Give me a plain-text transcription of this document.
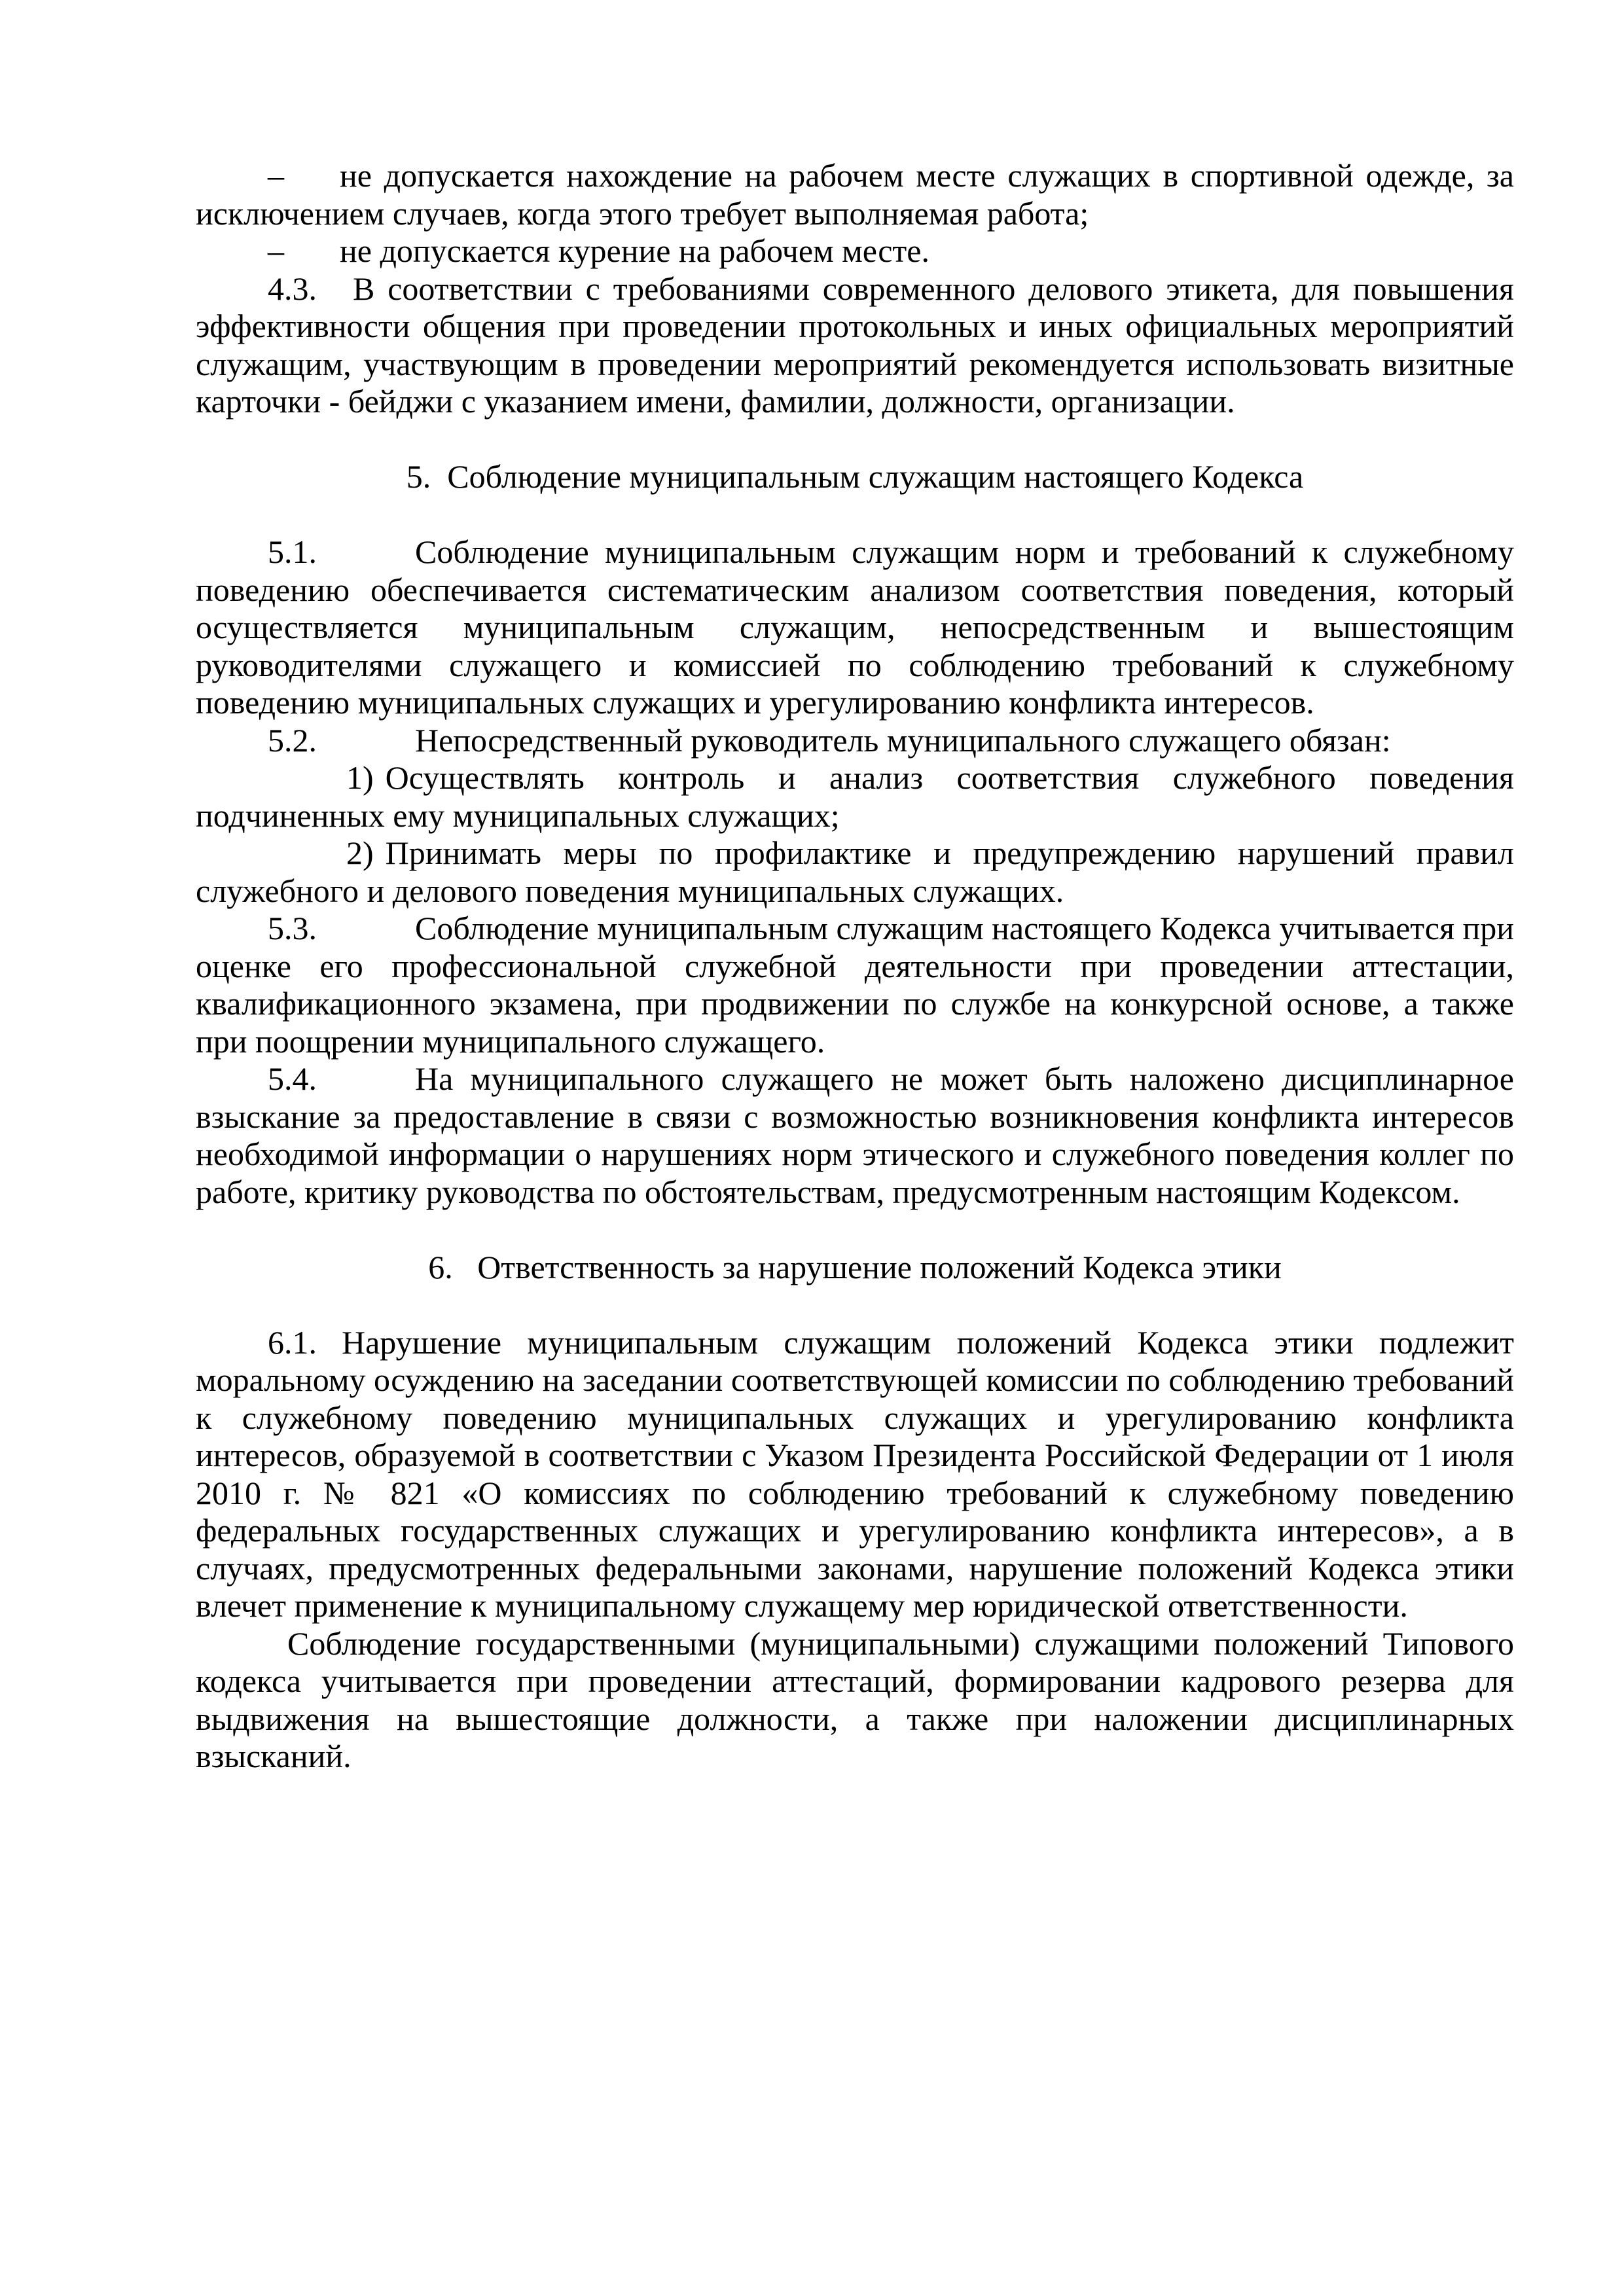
– не допускается нахождение на рабочем месте служащих в спортивной одежде, за исключением случаев, когда этого требует выполняемая работа;

– не допускается курение на рабочем месте.

4.3. В соответствии с требованиями современного делового этикета, для повышения эффективности общения при проведении протокольных и иных официальных мероприятий служащим, участвующим в проведении мероприятий рекомендуется использовать визитные карточки - бейджи с указанием имени, фамилии, должности, организации.

5.  Соблюдение муниципальным служащим настоящего Кодекса

5.1.	Соблюдение муниципальным служащим норм и требований к служебному поведению обеспечивается систематическим анализом соответствия поведения, который осуществляется муниципальным служащим, непосредственным и вышестоящим руководителями служащего и комиссией по соблюдению требований к служебному поведению муниципальных служащих и урегулированию конфликта интересов.

5.2.	Непосредственный руководитель муниципального служащего обязан:

1) Осуществлять контроль и анализ соответствия служебного поведения подчиненных ему муниципальных служащих;

2) Принимать меры по профилактике и предупреждению нарушений правил служебного и делового поведения муниципальных служащих.

5.3.	Соблюдение муниципальным служащим настоящего Кодекса учитывается при оценке его профессиональной служебной деятельности при проведении аттестации, квалификационного экзамена, при продвижении по службе на конкурсной основе, а также при поощрении муниципального служащего.

5.4.	На муниципального служащего не может быть наложено дисциплинарное взыскание за предоставление в связи с возможностью возникновения конфликта интересов необходимой информации о нарушениях норм этического и служебного поведения коллег по работе, критику руководства по обстоятельствам, предусмотренным настоящим Кодексом.

6.   Ответственность за нарушение положений Кодекса этики

6.1. Нарушение муниципальным служащим положений Кодекса этики подлежит моральному осуждению на заседании соответствующей комиссии по соблюдению требований к служебному поведению муниципальных служащих и урегулированию конфликта интересов, образуемой в соответствии с Указом Президента Российской Федерации от 1 июля 2010 г. № 821 «О комиссиях по соблюдению требований к служебному поведению федеральных государственных служащих и урегулированию конфликта интересов», а в случаях, предусмотренных федеральными законами, нарушение положений Кодекса этики влечет применение к муниципальному служащему мер юридической ответственности.

Соблюдение государственными (муниципальными) служащими положений Типового кодекса учитывается при проведении аттестаций, формировании кадрового резерва для выдвижения на вышестоящие должности, а также при наложении дисциплинарных взысканий.
